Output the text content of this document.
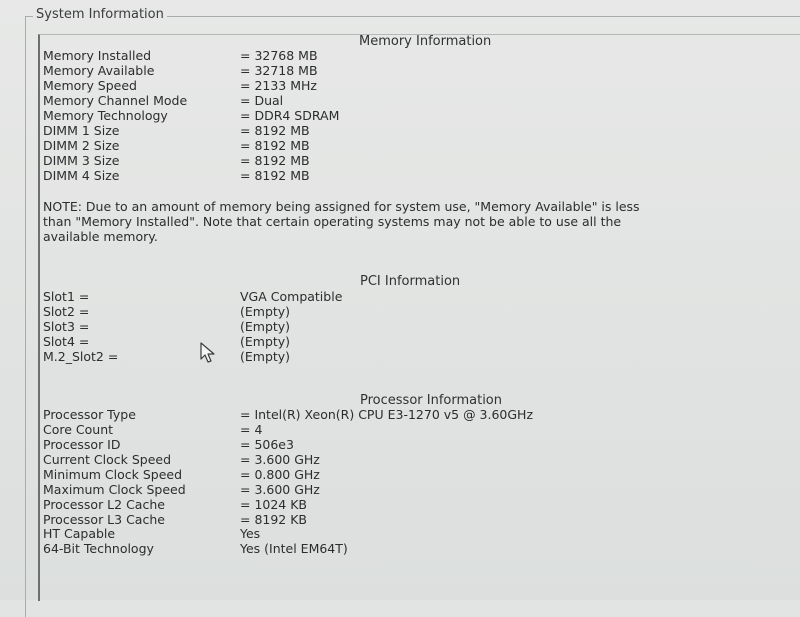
System Information
Memory Information
Memory Installed	= 32768 MB
Memory Available	= 32718 MB
Memory Speed	= 2133 MHz
Memory Channel Mode	= Dual
Memory Technology	= DDR4 SDRAM
DIMM 1 Size	= 8192 MB
DIMM 2 Size	= 8192 MB
DIMM 3 Size	= 8192 MB
DIMM 4 Size	= 8192 MB
NOTE: Due to an amount of memory being assigned for system use, "Memory Available" is less
than "Memory Installed". Note that certain operating systems may not be able to use all the
available memory.
PCI Information
Slot1 =	VGA Compatible
Slot2 =	(Empty)
Slot3 =	(Empty)
Slot4 =	(Empty)
M.2_Slot2 =	(Empty)
Processor Information
Processor Type	= Intel(R) Xeon(R) CPU E3-1270 v5 @ 3.60GHz
Core Count	= 4
Processor ID	= 506e3
Current Clock Speed	= 3.600 GHz
Minimum Clock Speed	= 0.800 GHz
Maximum Clock Speed	= 3.600 GHz
Processor L2 Cache	= 1024 KB
Processor L3 Cache	= 8192 KB
HT Capable	Yes
64-Bit Technology	Yes (Intel EM64T)
